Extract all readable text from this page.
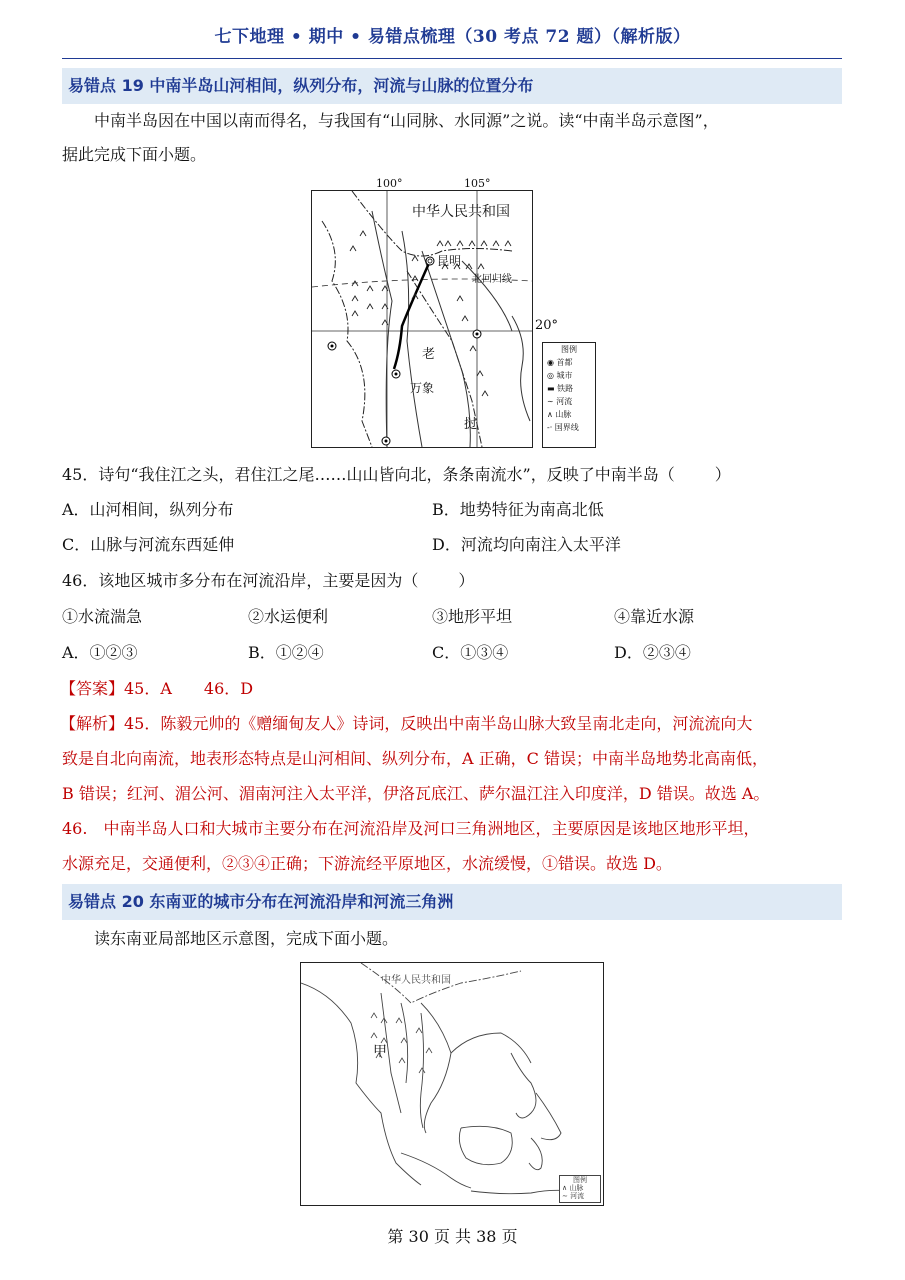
七下地理 • 期中 • 易错点梳理（30 考点 72 题）（解析版）
易错点 19 中南半岛山河相间，纵列分布，河流与山脉的位置分布
中南半岛因在中国以南而得名，与我国有“山同脉、水同源”之说。读“中南半岛示意图”，
据此完成下面小题。
中华人民共和国
昆明
北回归线
老
万象
挝
100°	105°
20°
图例
◉ 首都
◎ 城市
▬ 铁路
∼ 河流
∧ 山脉
-· 国界线
45．诗句“我住江之头，君住江之尾……山山皆向北，条条南流水”，反映了中南半岛（	）
A．山河相间，纵列分布	B．地势特征为南高北低
C．山脉与河流东西延伸	D．河流均向南注入太平洋
46．该地区城市多分布在河流沿岸，主要是因为（	）
①水流湍急	②水运便利	③地形平坦	④靠近水源
A．①②③	B．①②④	C．①③④	D．②③④
【答案】45．A　　46．D
【解析】45．陈毅元帅的《赠缅甸友人》诗词，反映出中南半岛山脉大致呈南北走向，河流流向大
致是自北向南流，地表形态特点是山河相间、纵列分布，A 正确，C 错误；中南半岛地势北高南低，
B 错误；红河、湄公河、湄南河注入太平洋，伊洛瓦底江、萨尔温江注入印度洋，D 错误。故选 A。
46.　中南半岛人口和大城市主要分布在河流沿岸及河口三角洲地区，主要原因是该地区地形平坦，
水源充足，交通便利，②③④正确；下游流经平原地区，水流缓慢，①错误。故选 D。
易错点 20 东南亚的城市分布在河流沿岸和河流三角洲
读东南亚局部地区示意图，完成下面小题。
中华人民共和国
甲
图例
∧ 山脉
∼ 河流
第 30 页 共 38 页
